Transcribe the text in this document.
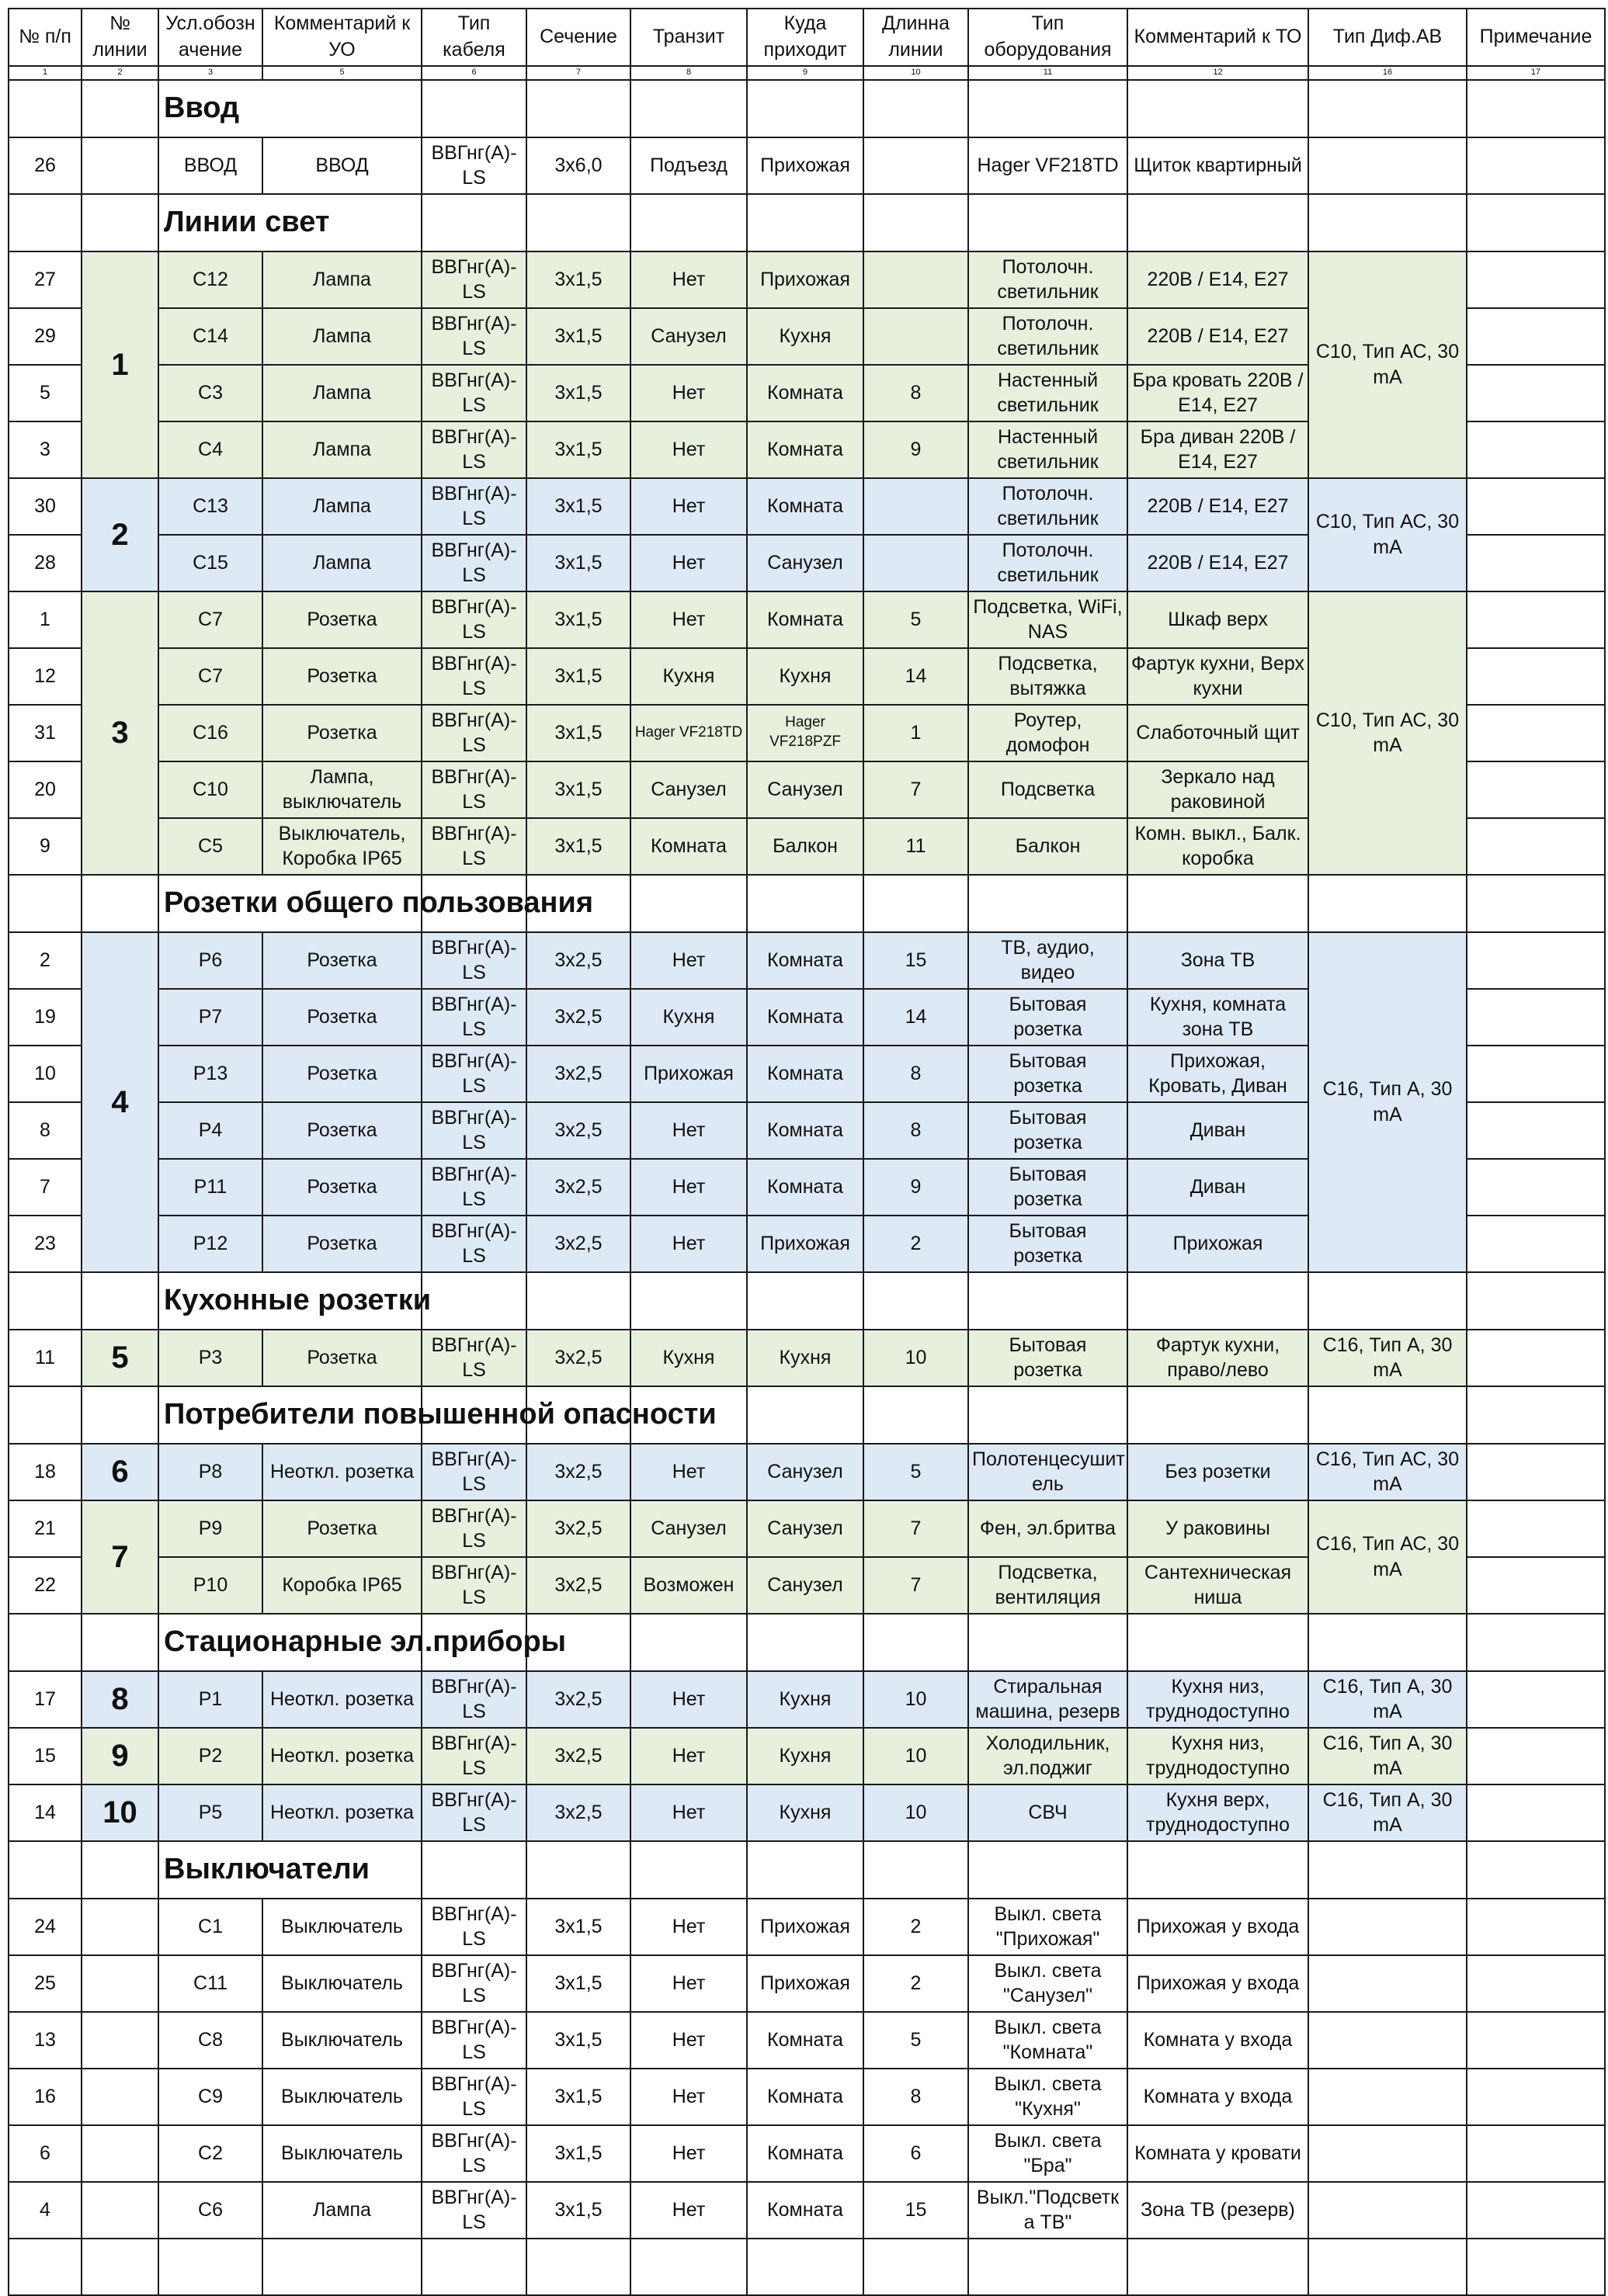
№ п/п	№ линии	Усл.обозн ачение	Комментарий к УО	Тип кабеля	Сечение	Транзит	Куда приходит	Длинна линии	Тип оборудования	Комментарий к ТО	Тип Диф.АВ	Примечание
1	2	3	5	6	7	8	9	10	11	12	16	17
		Ввод										
26		ВВОД	ВВОД	ВВГнг(А)-LS	3х6,0	Подъезд	Прихожая		Hager VF218TD	Щиток квартирный		
		Линии свет										
27	1	С12	Лампа	ВВГнг(А)-LS	3х1,5	Нет	Прихожая		Потолочн. светильник	220В / Е14, Е27	С10, Тип АС, 30 mA	
29		С14	Лампа	ВВГнг(А)-LS	3х1,5	Санузел	Кухня		Потолочн. светильник	220В / Е14, Е27		
5		С3	Лампа	ВВГнг(А)-LS	3х1,5	Нет	Комната	8	Настенный светильник	Бра кровать 220В / Е14, Е27		
3		С4	Лампа	ВВГнг(А)-LS	3х1,5	Нет	Комната	9	Настенный светильник	Бра диван 220В / Е14, Е27		
30	2	С13	Лампа	ВВГнг(А)-LS	3х1,5	Нет	Комната		Потолочн. светильник	220В / Е14, Е27	С10, Тип АС, 30 mA	
28		С15	Лампа	ВВГнг(А)-LS	3х1,5	Нет	Санузел		Потолочн. светильник	220В / Е14, Е27		
1	3	С7	Розетка	ВВГнг(А)-LS	3х1,5	Нет	Комната	5	Подсветка, WiFi, NAS	Шкаф верх	С10, Тип АС, 30 mA	
12		С7	Розетка	ВВГнг(А)-LS	3х1,5	Кухня	Кухня	14	Подсветка, вытяжка	Фартук кухни, Верх кухни		
31		С16	Розетка	ВВГнг(А)-LS	3х1,5	Hager VF218TD	Hager VF218PZF	1	Роутер, домофон	Слаботочный щит		
20		С10	Лампа, выключатель	ВВГнг(А)-LS	3х1,5	Санузел	Санузел	7	Подсветка	Зеркало над раковиной		
9		С5	Выключатель, Коробка IP65	ВВГнг(А)-LS	3х1,5	Комната	Балкон	11	Балкон	Комн. выкл., Балк. коробка		
		Розетки общего пользования										
2	4	Р6	Розетка	ВВГнг(А)-LS	3х2,5	Нет	Комната	15	ТВ, аудио, видео	Зона ТВ	С16, Тип А, 30 mA	
19		Р7	Розетка	ВВГнг(А)-LS	3х2,5	Кухня	Комната	14	Бытовая розетка	Кухня, комната зона ТВ		
10		Р13	Розетка	ВВГнг(А)-LS	3х2,5	Прихожая	Комната	8	Бытовая розетка	Прихожая, Кровать, Диван		
8		Р4	Розетка	ВВГнг(А)-LS	3х2,5	Нет	Комната	8	Бытовая розетка	Диван		
7		Р11	Розетка	ВВГнг(А)-LS	3х2,5	Нет	Комната	9	Бытовая розетка	Диван		
23		Р12	Розетка	ВВГнг(А)-LS	3х2,5	Нет	Прихожая	2	Бытовая розетка	Прихожая		
		Кухонные розетки										
11	5	Р3	Розетка	ВВГнг(А)-LS	3х2,5	Кухня	Кухня	10	Бытовая розетка	Фартук кухни, право/лево	С16, Тип А, 30 mA	
		Потребители повышенной опасности										
18	6	Р8	Неоткл. розетка	ВВГнг(А)-LS	3х2,5	Нет	Санузел	5	Полотенцесушит ель	Без розетки	С16, Тип АС, 30 mA	
21	7	Р9	Розетка	ВВГнг(А)-LS	3х2,5	Санузел	Санузел	7	Фен, эл.бритва	У раковины	С16, Тип АС, 30 mA	
22		Р10	Коробка IP65	ВВГнг(А)-LS	3х2,5	Возможен	Санузел	7	Подсветка, вентиляция	Сантехническая ниша		
		Стационарные эл.приборы										
17	8	Р1	Неоткл. розетка	ВВГнг(А)-LS	3х2,5	Нет	Кухня	10	Стиральная машина, резерв	Кухня низ, труднодоступно	С16, Тип А, 30 mA	
15	9	Р2	Неоткл. розетка	ВВГнг(А)-LS	3х2,5	Нет	Кухня	10	Холодильник, эл.поджиг	Кухня низ, труднодоступно	С16, Тип А, 30 mA	
14	10	Р5	Неоткл. розетка	ВВГнг(А)-LS	3х2,5	Нет	Кухня	10	СВЧ	Кухня верх, труднодоступно	С16, Тип А, 30 mA	
		Выключатели										
24		С1	Выключатель	ВВГнг(А)-LS	3х1,5	Нет	Прихожая	2	Выкл. света "Прихожая"	Прихожая у входа		
25		С11	Выключатель	ВВГнг(А)-LS	3х1,5	Нет	Прихожая	2	Выкл. света "Санузел"	Прихожая у входа		
13		С8	Выключатель	ВВГнг(А)-LS	3х1,5	Нет	Комната	5	Выкл. света "Комната"	Комната у входа		
16		С9	Выключатель	ВВГнг(А)-LS	3х1,5	Нет	Комната	8	Выкл. света "Кухня"	Комната у входа		
6		С2	Выключатель	ВВГнг(А)-LS	3х1,5	Нет	Комната	6	Выкл. света "Бра"	Комната у кровати		
4		С6	Лампа	ВВГнг(А)-LS	3х1,5	Нет	Комната	15	Выкл."Подсветк а ТВ"	Зона ТВ (резерв)		
